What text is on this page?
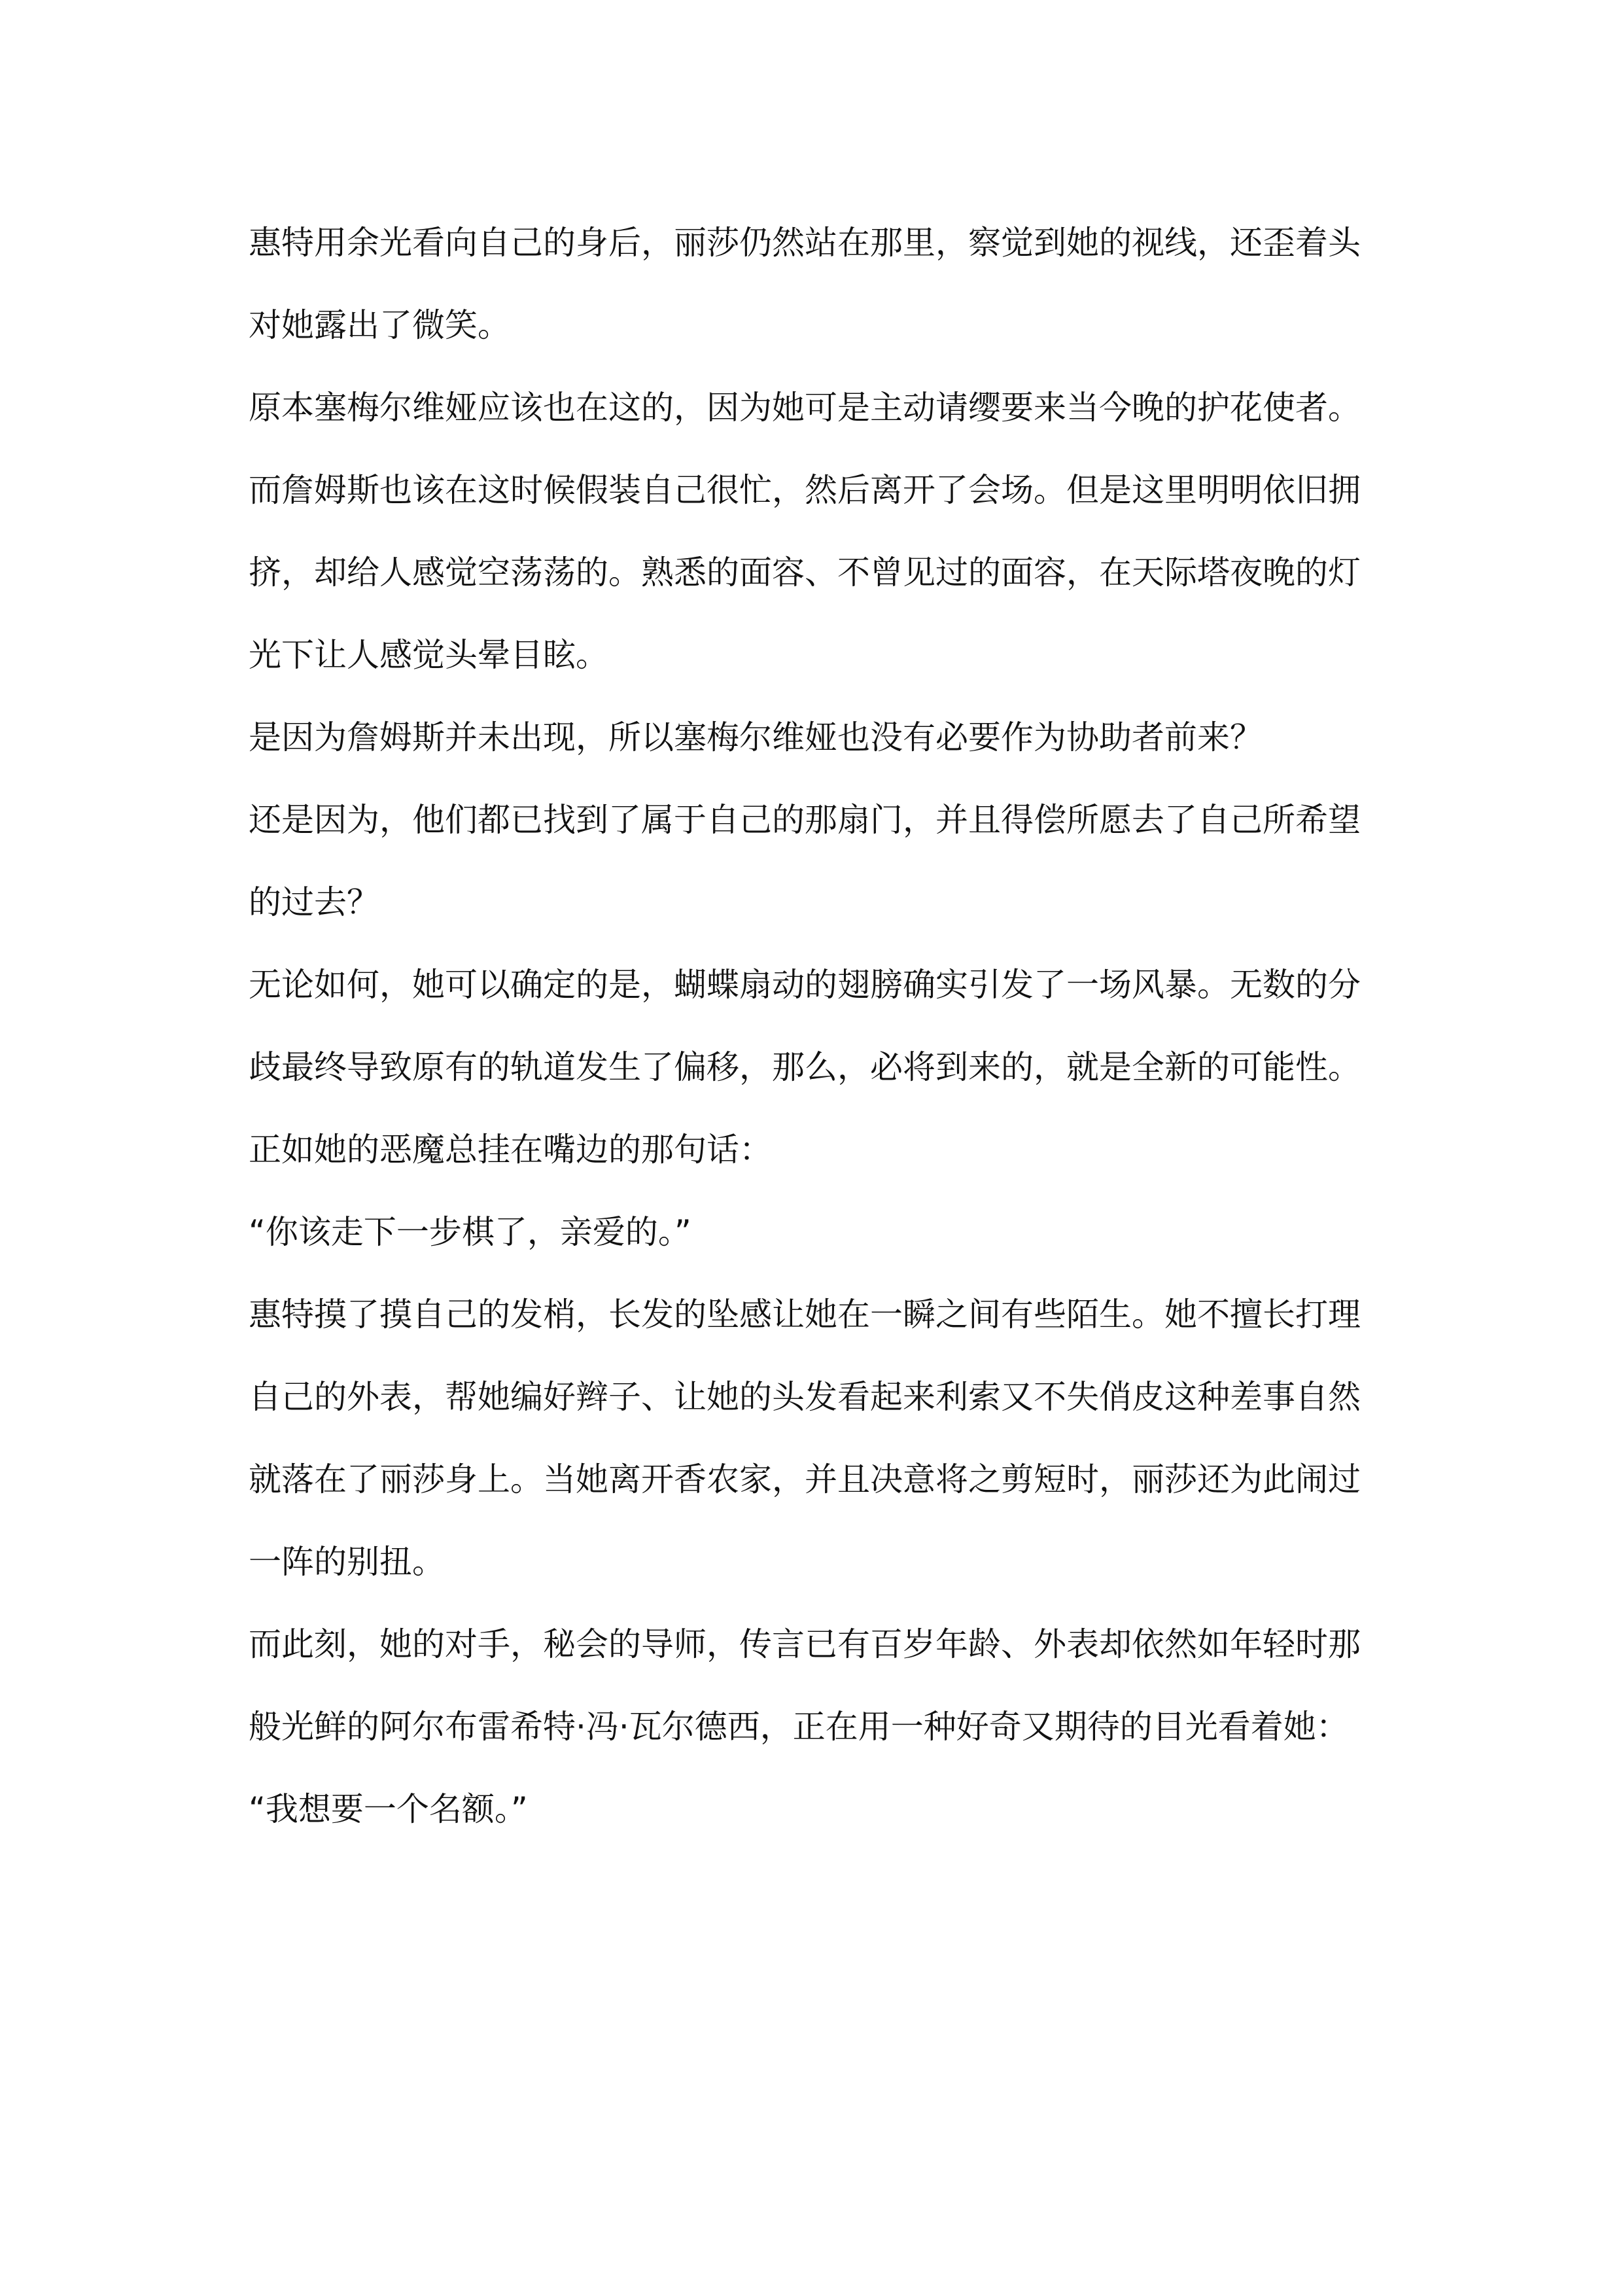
惠特用余光看向自己的身后，丽莎仍然站在那里，察觉到她的视线，还歪着头对她露出了微笑。

原本塞梅尔维娅应该也在这的，因为她可是主动请缨要来当今晚的护花使者。而詹姆斯也该在这时候假装自己很忙，然后离开了会场。但是这里明明依旧拥挤，却给人感觉空荡荡的。熟悉的面容、不曾见过的面容，在天际塔夜晚的灯光下让人感觉头晕目眩。

是因为詹姆斯并未出现，所以塞梅尔维娅也没有必要作为协助者前来？

还是因为，他们都已找到了属于自己的那扇门，并且得偿所愿去了自己所希望的过去？

无论如何，她可以确定的是，蝴蝶扇动的翅膀确实引发了一场风暴。无数的分歧最终导致原有的轨道发生了偏移，那么，必将到来的，就是全新的可能性。

正如她的恶魔总挂在嘴边的那句话：

“你该走下一步棋了，亲爱的。”

惠特摸了摸自己的发梢，长发的坠感让她在一瞬之间有些陌生。她不擅长打理自己的外表，帮她编好辫子、让她的头发看起来利索又不失俏皮这种差事自然就落在了丽莎身上。当她离开香农家，并且决意将之剪短时，丽莎还为此闹过一阵的别扭。

而此刻，她的对手，秘会的导师，传言已有百岁年龄、外表却依然如年轻时那般光鲜的阿尔布雷希特·冯·瓦尔德西，正在用一种好奇又期待的目光看着她：

“我想要一个名额。”
